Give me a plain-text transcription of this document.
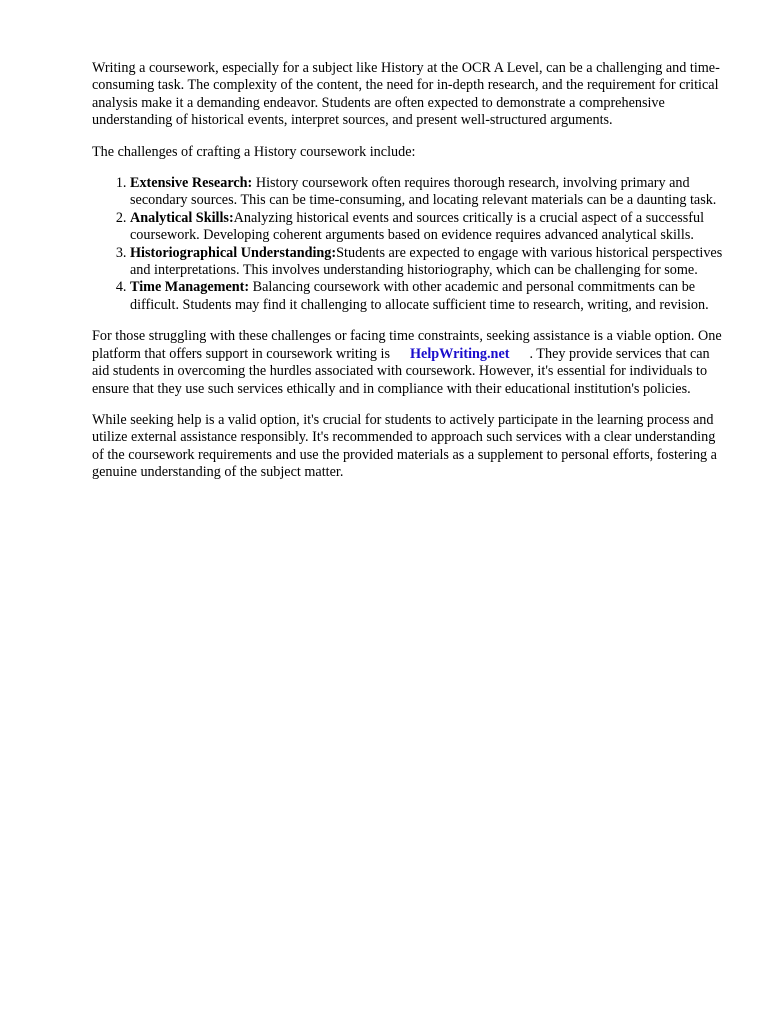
Writing a coursework, especially for a subject like History at the OCR A Level, can be a challenging and time-consuming task. The complexity of the content, the need for in-depth research, and the requirement for critical analysis make it a demanding endeavor. Students are often expected to demonstrate a comprehensive understanding of historical events, interpret sources, and present well-structured arguments.

The challenges of crafting a History coursework include:

1. Extensive Research: History coursework often requires thorough research, involving primary and secondary sources. This can be time-consuming, and locating relevant materials can be a daunting task.
2. Analytical Skills:Analyzing historical events and sources critically is a crucial aspect of a successful coursework. Developing coherent arguments based on evidence requires advanced analytical skills.
3. Historiographical Understanding:Students are expected to engage with various historical perspectives and interpretations. This involves understanding historiography, which can be challenging for some.
4. Time Management: Balancing coursework with other academic and personal commitments can be difficult. Students may find it challenging to allocate sufficient time to research, writing, and revision.

For those struggling with these challenges or facing time constraints, seeking assistance is a viable option. One platform that offers support in coursework writing is HelpWriting.net . They provide services that can aid students in overcoming the hurdles associated with coursework. However, it's essential for individuals to ensure that they use such services ethically and in compliance with their educational institution's policies.

While seeking help is a valid option, it's crucial for students to actively participate in the learning process and utilize external assistance responsibly. It's recommended to approach such services with a clear understanding of the coursework requirements and use the provided materials as a supplement to personal efforts, fostering a genuine understanding of the subject matter.
